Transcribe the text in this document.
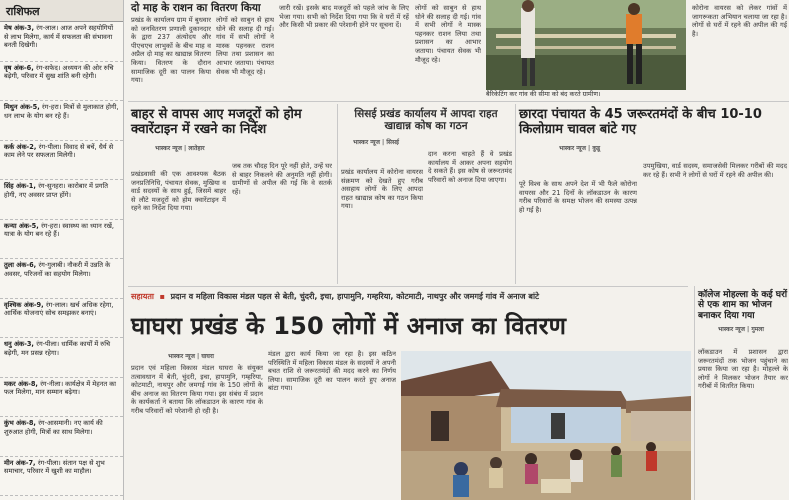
राशिफल
मेष अंक-3, रंग-लाल। आज अपने सहयोगियों से लाभ मिलेगा, कार्य में सफलता की संभावना बनती दिखेगी।
वृष अंक-6, रंग-सफेद। अध्ययन की ओर रुचि बढ़ेगी, परिवार में सुख शांति बनी रहेगी।
मिथुन अंक-5, रंग-हरा। मित्रों से मुलाकात होगी, धन लाभ के योग बन रहे हैं।
कर्क अंक-2, रंग-पीला। विवाद से बचें, धैर्य से काम लेने पर सफलता मिलेगी।
सिंह अंक-1, रंग-सुनहरा। कारोबार में प्रगति होगी, नए अवसर प्राप्त होंगे।
कन्या अंक-5, रंग-हरा। स्वास्थ्य का ध्यान रखें, यात्रा के योग बन रहे हैं।
तुला अंक-6, रंग-गुलाबी। नौकरी में उन्नति के अवसर, परिजनों का सहयोग मिलेगा।
वृश्चिक अंक-9, रंग-लाल। खर्च अधिक रहेगा, आर्थिक योजनाएं सोच समझकर बनाएं।
धनु अंक-3, रंग-पीला। धार्मिक कार्यों में रुचि बढ़ेगी, मन प्रसन्न रहेगा।
मकर अंक-8, रंग-नीला। कार्यक्षेत्र में मेहनत का फल मिलेगा, मान सम्मान बढ़ेगा।
कुंभ अंक-8, रंग-आसमानी। नए कार्य की शुरुआत होगी, मित्रों का साथ मिलेगा।
मीन अंक-7, रंग-पीला। संतान पक्ष से शुभ समाचार, परिवार में खुशी का माहौल।
दो माह के राशन का वितरण किया
प्रखंड के कार्यालय ग्राम में बुधवार को जनवितरण प्रणाली दुकानदार के द्वारा 237 अंत्योदय और पीएचएच लाभुकों के बीच माह व अप्रैल दो माह का खाद्यान्न वितरण किया। वितरण के दौरान सामाजिक दूरी का पालन किया गया।
लोगों को साबुन से हाथ धोने की सलाह दी गई। गांव में सभी लोगों ने मास्क पहनकर राशन लिया तथा प्रशासन का आभार जताया। पंचायत सेवक भी मौजूद रहे।
जारी रखें। इसके बाद मजदूरों को पहले जांच के लिए भेजा गया। सभी को निर्देश दिया गया कि वे घरों में रहें और किसी भी प्रकार की परेशानी होने पर सूचना दें।
लोगों को साबुन से हाथ धोने की सलाह दी गई। गांव में सभी लोगों ने मास्क पहनकर राशन लिया तथा प्रशासन का आभार जताया। पंचायत सेवक भी मौजूद रहे।
बैरिकेटिंग कर गांव की सीमा को बंद करते ग्रामीण।
कोरोना वायरस को लेकर गांवों में जागरूकता अभियान चलाया जा रहा है। लोगों से घरों में रहने की अपील की गई है।
बाहर से वापस आए मजदूरों को होम क्वारेंटाइन में रखने का निर्देश
भास्कर न्यूज | लातेहार
प्रखंडवासी की एक आवश्यक बैठक जनप्रतिनिधि, पंचायत सेवक, मुखिया व वार्ड सदस्यों के साथ हुई, जिसमें बाहर से लौटे मजदूरों को होम क्वारेंटाइन में रहने का निर्देश दिया गया।
जब तक चौदह दिन पूरे नहीं होते, उन्हें घर से बाहर निकलने की अनुमति नहीं होगी। ग्रामीणों से अपील की गई कि वे सतर्क रहें।
सिसई प्रखंड कार्यालय में आपदा राहत खाद्यान्न कोष का गठन
भास्कर न्यूज | सिसई
प्रखंड कार्यालय में कोरोना वायरस संक्रमण को देखते हुए गरीब असहाय लोगों के लिए आपदा राहत खाद्यान्न कोष का गठन किया गया।
दान करना चाहते हैं वे प्रखंड कार्यालय में आकर अपना सहयोग दे सकते हैं। इस कोष से जरूरतमंद परिवारों को अनाज दिया जाएगा।
छारदा पंचायत के 45 जरूरतमंदों के बीच 10-10 किलोग्राम चावल बांटे गए
भास्कर न्यूज | कुडू
पूरे विश्व के साथ अपने देश में भी फैले कोरोना वायरस और 21 दिनों के लॉकडाउन के कारण गरीब परिवारों के समक्ष भोजन की समस्या उत्पन्न हो गई है।
उपमुखिया, वार्ड सदस्य, समाजसेवी मिलकर गरीबों की मदद कर रहे हैं। सभी ने लोगों से घरों में रहने की अपील की।
सहायता  ▪  प्रदान व महिला विकास मंडल पहल से बेती, चुंदरी, इचा, हापामुनि, गम्हरिया, कोटमाटी, नाथपुर और जमगई गांव में अनाज बांटे
घाघरा प्रखंड के 150 लोगों में अनाज का वितरण
भास्कर न्यूज | घाघरा
प्रदान एवं महिला विकास मंडल घाघरा के संयुक्त तत्वावधान में बेती, चुंदरी, इचा, हापामुनि, गम्हरिया, कोटमाटी, नाथपुर और जमगई गांव के 150 लोगों के बीच अनाज का वितरण किया गया। इस संबंध में प्रदान के कार्यकर्ता ने बताया कि लॉकडाउन के कारण गांव के गरीब परिवारों को परेशानी हो रही है।
मंडल द्वारा कार्य किया जा रहा है। इस कठिन परिस्थिति में महिला विकास मंडल के सदस्यों ने अपनी बचत राशि से जरूरतमंदों की मदद करने का निर्णय लिया। सामाजिक दूरी का पालन करते हुए अनाज बांटा गया।
कॉलेज मोहल्ला के कई घरों से एक शाम का भोजन बनाकर दिया गया
भास्कर न्यूज | गुमला
लॉकडाउन में प्रशासन द्वारा जरूरतमंदों तक भोजन पहुंचाने का प्रयास किया जा रहा है। मोहल्ले के लोगों ने मिलकर भोजन तैयार कर गरीबों में वितरित किया।
